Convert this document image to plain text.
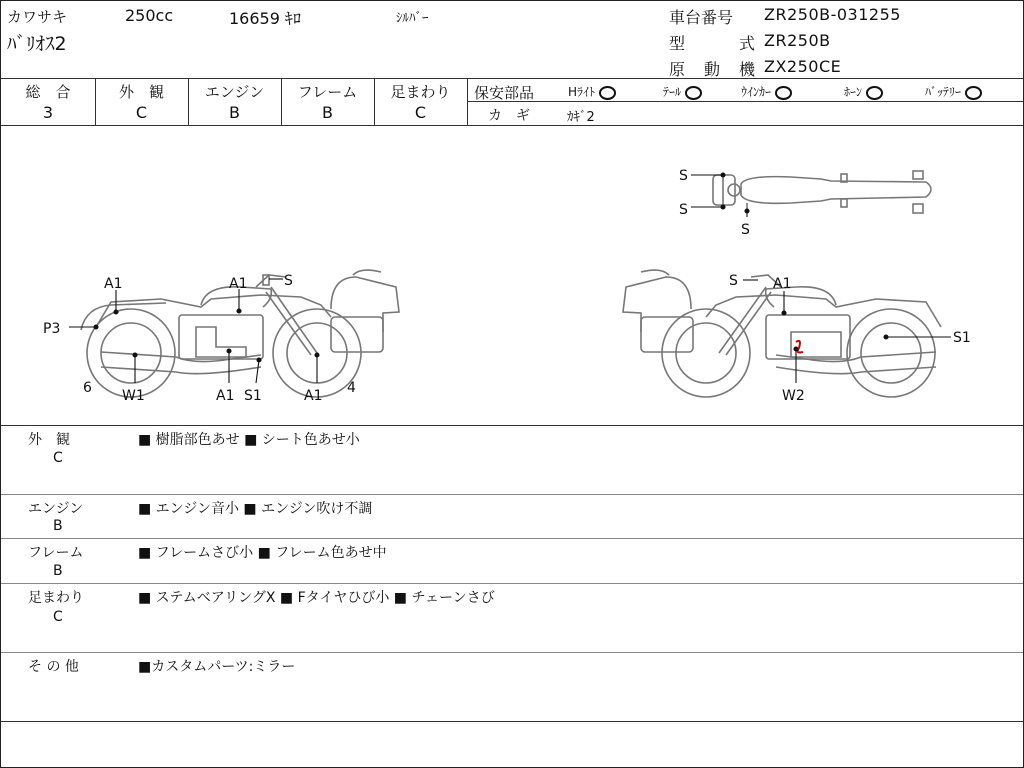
カワサキ	250cc	16659 ｷﾛ	ｼﾙﾊﾞｰ
ﾊﾞﾘｵｽ2
車台番号 ZR250B-031255
型	式 ZR250B
原 動 機 ZX250CE
総　合
3
外　観
C
エンジン
B
フレーム
B
足まわり
C
保安部品	Hﾗｲﾄ	ﾃｰﾙ	ｳｲﾝｶｰ	ﾎｰﾝ	ﾊﾞｯﾃﾘｰ
カ　ギ	ｶｷﾞ2
S
S
S
A1	A1	S
P3
6 W1	A1 S1	A1 4
S	A1
S1
W2
外　観
C
■ 樹脂部色あせ ■ シート色あせ小
エンジン
B
■ エンジン音小 ■ エンジン吹け不調
フレーム
B
■ フレームさび小 ■ フレーム色あせ中
足まわり
C
■ ステムベアリングX ■ Fタイヤひび小 ■ チェーンさび
そ の 他	■カスタムパーツ:ミラー
